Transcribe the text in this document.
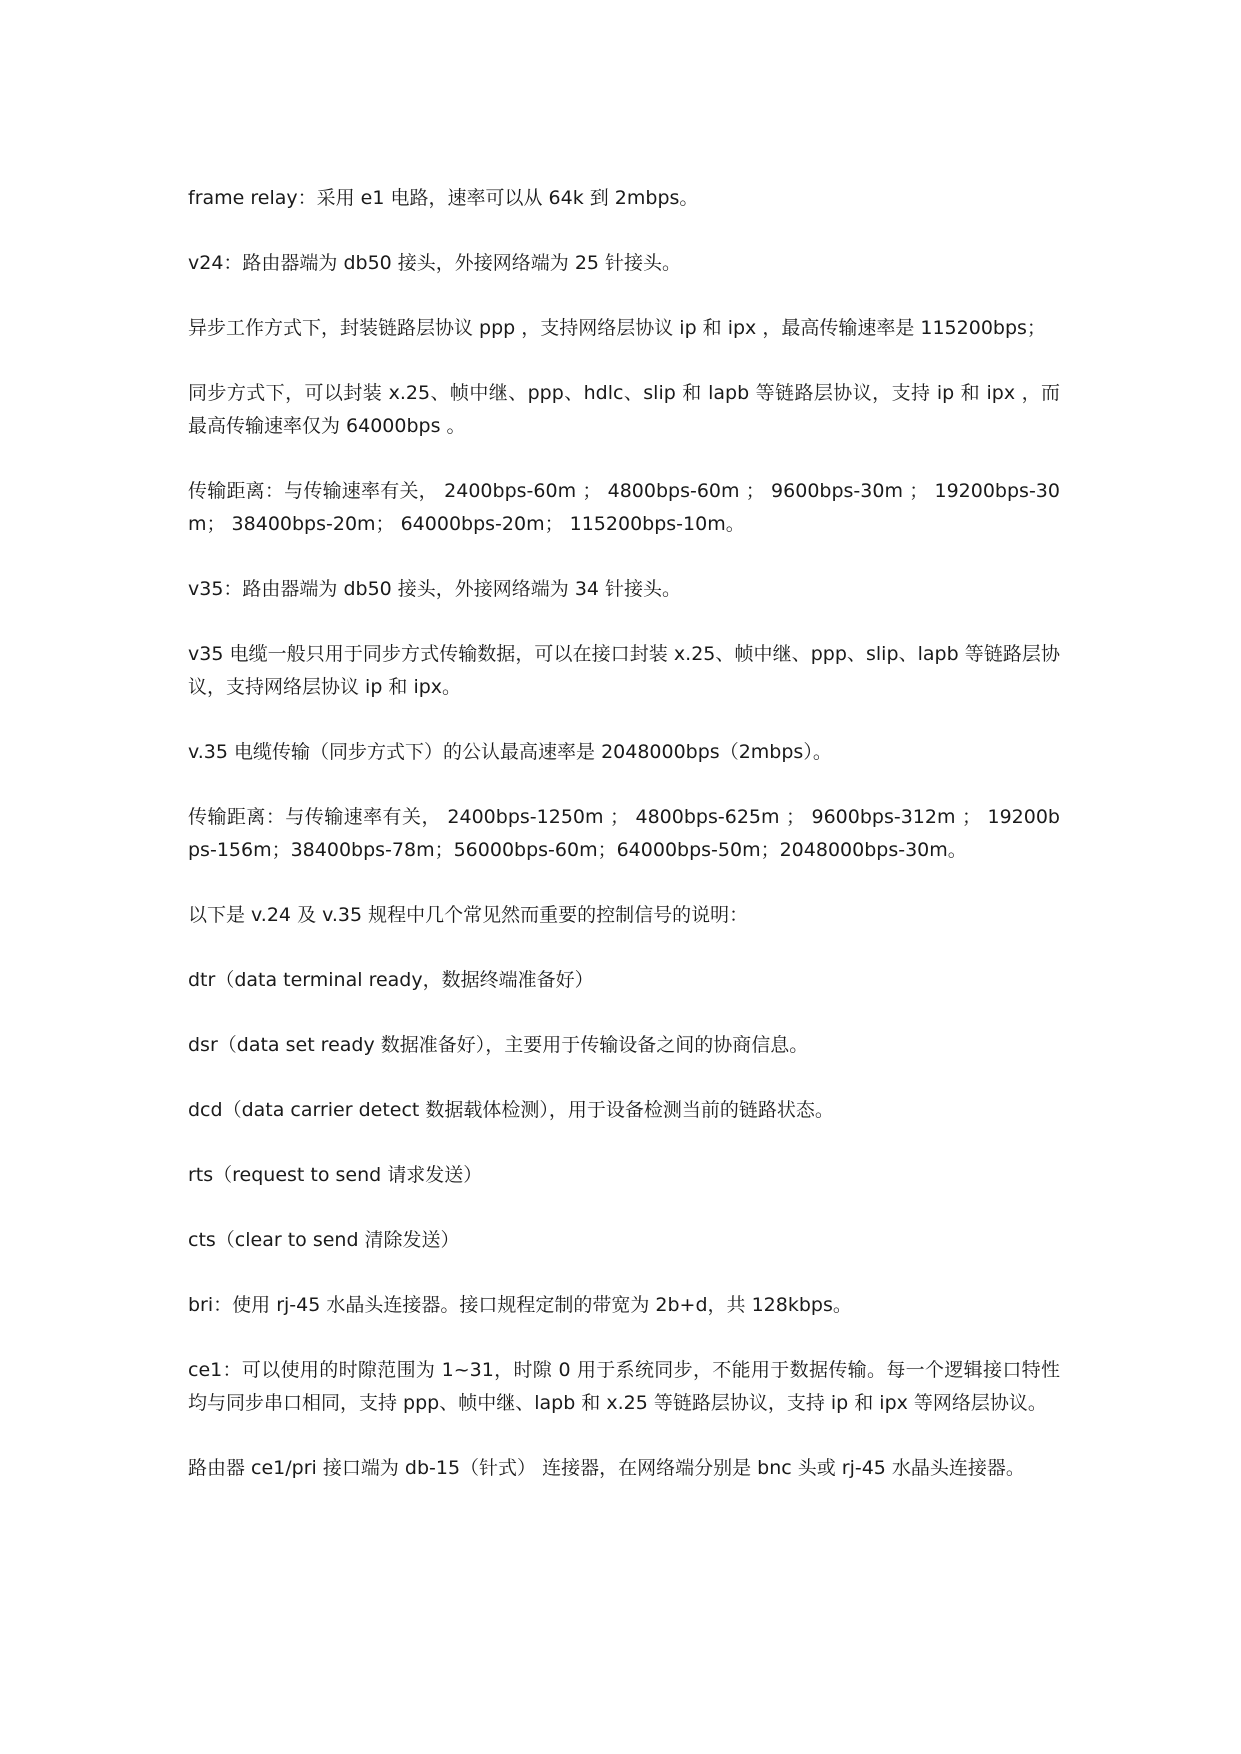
frame relay：采用 e1 电路，速率可以从 64k 到 2mbps。

v24：路由器端为 db50 接头，外接网络端为 25 针接头。

异步工作方式下，封装链路层协议 ppp ，支持网络层协议 ip 和 ipx ，最高传输速率是 115200bps；

同步方式下，可以封装 x.25、帧中继、ppp、hdlc、slip 和 lapb 等链路层协议，支持 ip 和 ipx ，而最高传输速率仅为 64000bps 。

传输距离：与传输速率有关， 2400bps-60m ； 4800bps-60m ； 9600bps-30m ； 19200bps-30m； 38400bps-20m； 64000bps-20m； 115200bps-10m。

v35：路由器端为 db50 接头，外接网络端为 34 针接头。

v35 电缆一般只用于同步方式传输数据，可以在接口封装 x.25、帧中继、ppp、slip、lapb 等链路层协议，支持网络层协议 ip 和 ipx。

v.35 电缆传输（同步方式下）的公认最高速率是 2048000bps（2mbps）。

传输距离：与传输速率有关， 2400bps-1250m ； 4800bps-625m ； 9600bps-312m ； 19200bps-156m；38400bps-78m；56000bps-60m；64000bps-50m；2048000bps-30m。

以下是 v.24 及 v.35 规程中几个常见然而重要的控制信号的说明：

dtr（data terminal ready，数据终端准备好）

dsr（data set ready 数据准备好），主要用于传输设备之间的协商信息。

dcd（data carrier detect 数据载体检测），用于设备检测当前的链路状态。

rts（request to send 请求发送）

cts（clear to send 清除发送）

bri：使用 rj-45 水晶头连接器。接口规程定制的带宽为 2b+d，共 128kbps。

ce1：可以使用的时隙范围为 1~31，时隙 0 用于系统同步，不能用于数据传输。每一个逻辑接口特性均与同步串口相同，支持 ppp、帧中继、lapb 和 x.25 等链路层协议，支持 ip 和 ipx 等网络层协议。

路由器 ce1/pri 接口端为 db-15（针式） 连接器，在网络端分别是 bnc 头或 rj-45 水晶头连接器。
